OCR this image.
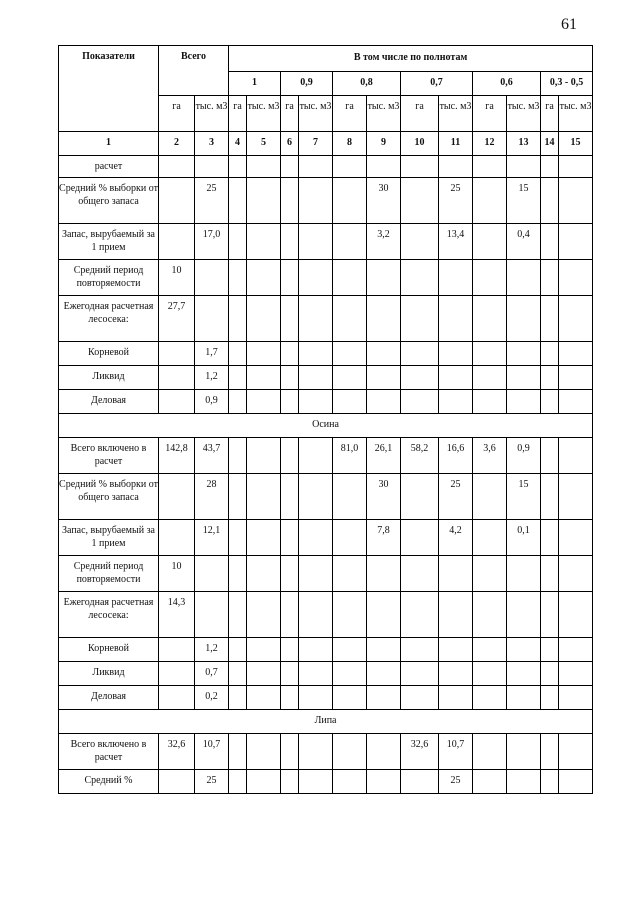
61
Показатели	Всего		В том числе по полнотам											
			1		0,9		0,8		0,7		0,6		0,3 - 0,5	
	га	тыс. м3	га	тыс. м3	га	тыс. м3	га	тыс. м3	га	тыс. м3	га	тыс. м3	га	тыс. м3
1	2	3	4	5	6	7	8	9	10	11	12	13	14	15
расчет														
Средний % выборки от общего запаса		25						30		25		15		
Запас, вырубаемый за 1 прием		17,0						3,2		13,4		0,4		
Средний период повторяемости	10													
Ежегодная расчетная лесосека:	27,7													
Корневой		1,7												
Ликвид		1,2												
Деловая		0,9												
Осина														
Всего включено в расчет	142,8	43,7					81,0	26,1	58,2	16,6	3,6	0,9		
Средний % выборки от общего запаса		28						30		25		15		
Запас, вырубаемый за 1 прием		12,1						7,8		4,2		0,1		
Средний период повторяемости	10													
Ежегодная расчетная лесосека:	14,3													
Корневой		1,2												
Ликвид		0,7												
Деловая		0,2												
Липа														
Всего включено в расчет	32,6	10,7							32,6	10,7				
Средний %		25								25				
